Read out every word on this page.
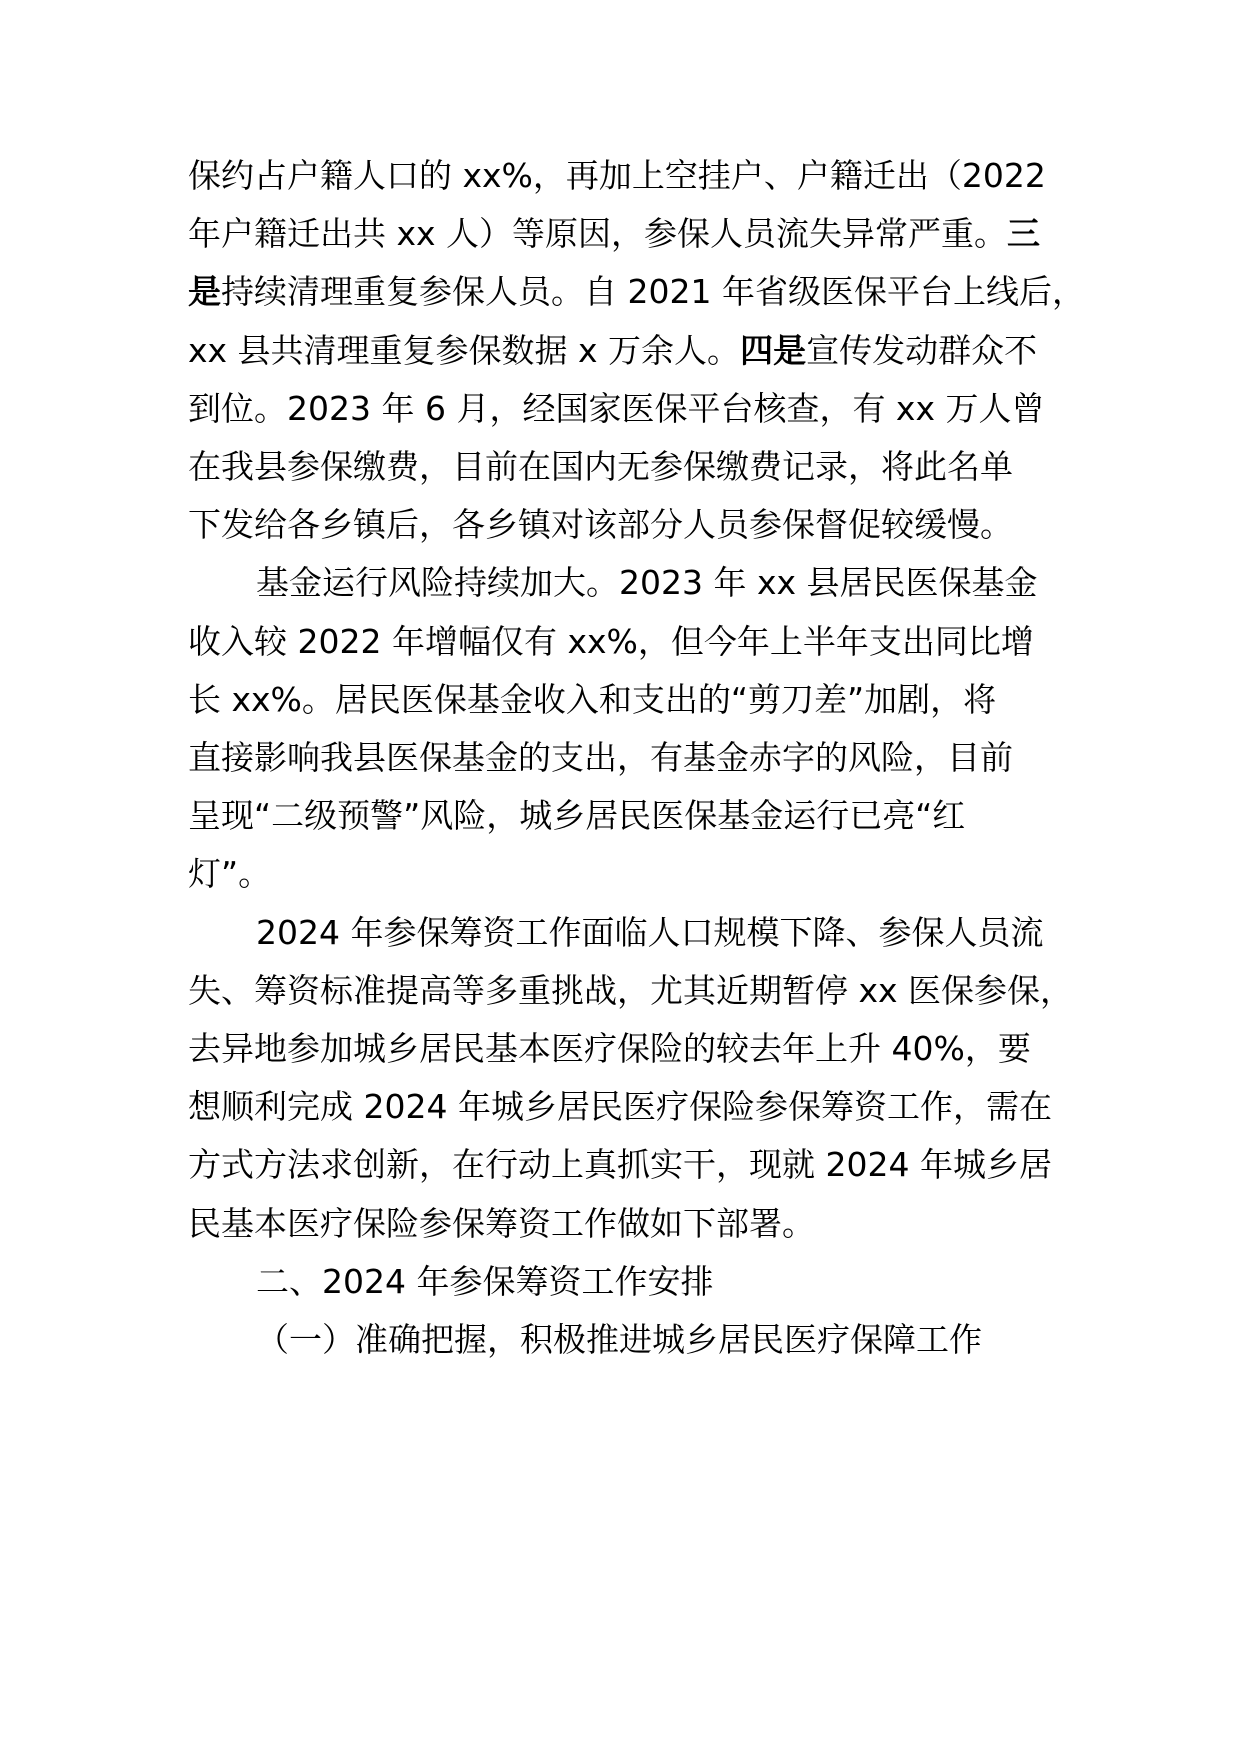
保约占户籍人口的 xx%，再加上空挂户、户籍迁出（2022
年户籍迁出共 xx 人）等原因，参保人员流失异常严重。三
是持续清理重复参保人员。自 2021 年省级医保平台上线后，
xx 县共清理重复参保数据 x 万余人。四是宣传发动群众不
到位。2023 年 6 月，经国家医保平台核查，有 xx 万人曾
在我县参保缴费，目前在国内无参保缴费记录，将此名单
下发给各乡镇后，各乡镇对该部分人员参保督促较缓慢。
基金运行风险持续加大。2023 年 xx 县居民医保基金
收入较 2022 年增幅仅有 xx%，但今年上半年支出同比增
长 xx%。居民医保基金收入和支出的“剪刀差”加剧，将
直接影响我县医保基金的支出，有基金赤字的风险，目前
呈现“二级预警”风险，城乡居民医保基金运行已亮“红
灯”。
2024 年参保筹资工作面临人口规模下降、参保人员流
失、筹资标准提高等多重挑战，尤其近期暂停 xx 医保参保，
去异地参加城乡居民基本医疗保险的较去年上升 40%，要
想顺利完成 2024 年城乡居民医疗保险参保筹资工作，需在
方式方法求创新，在行动上真抓实干，现就 2024 年城乡居
民基本医疗保险参保筹资工作做如下部署。
二、2024 年参保筹资工作安排
（一）准确把握，积极推进城乡居民医疗保障工作
